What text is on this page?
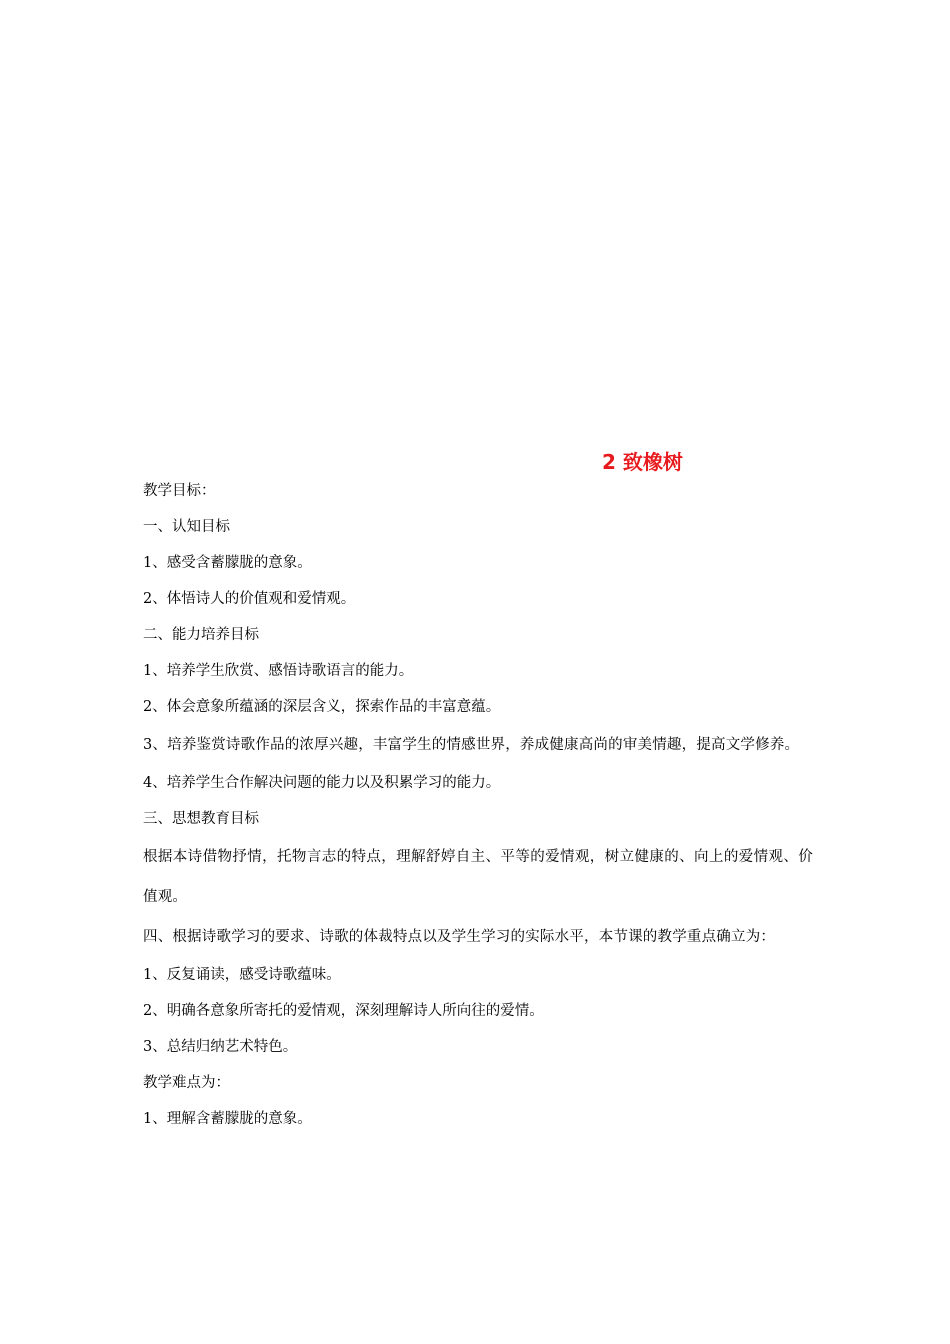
2 致橡树

教学目标：

一、认知目标

1、感受含蓄朦胧的意象。

2、体悟诗人的价值观和爱情观。

二、能力培养目标

1、培养学生欣赏、感悟诗歌语言的能力。

2、体会意象所蕴涵的深层含义，探索作品的丰富意蕴。

3、培养鉴赏诗歌作品的浓厚兴趣，丰富学生的情感世界，养成健康高尚的审美情趣，提高文学修养。

4、培养学生合作解决问题的能力以及积累学习的能力。

三、思想教育目标

根据本诗借物抒情，托物言志的特点，理解舒婷自主、平等的爱情观，树立健康的、向上的爱情观、价值观。

四、根据诗歌学习的要求、诗歌的体裁特点以及学生学习的实际水平，本节课的教学重点确立为：

1、反复诵读，感受诗歌蕴味。

2、明确各意象所寄托的爱情观，深刻理解诗人所向往的爱情。

3、总结归纳艺术特色。

教学难点为：

1、理解含蓄朦胧的意象。
